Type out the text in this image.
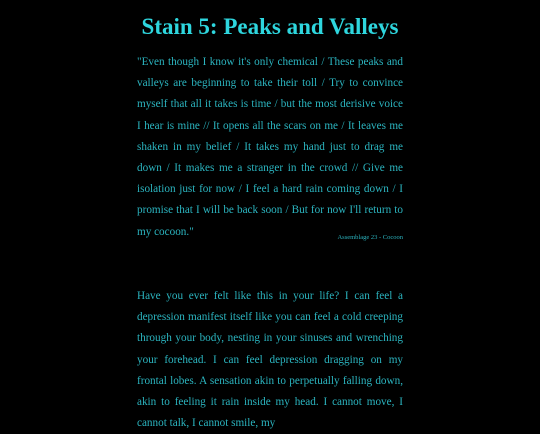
Stain 5: Peaks and Valleys

"Even though I know it's only chemical / These peaks and valleys are beginning to take their toll / Try to convince myself that all it takes is time / but the most derisive voice I hear is mine // It opens all the scars on me / It leaves me shaken in my belief / It takes my hand just to drag me down / It makes me a stranger in the crowd // Give me isolation just for now / I feel a hard rain coming down / I promise that I will be back soon / But for now I'll return to my cocoon."	Assemblage 23 - Cocoon

Have you ever felt like this in your life? I can feel a depression manifest itself like you can feel a cold creeping through your body, nesting in your sinuses and wrenching your forehead. I can feel depression dragging on my frontal lobes. A sensation akin to perpetually falling down, akin to feeling it rain inside my head. I cannot move, I cannot talk, I cannot smile, my
